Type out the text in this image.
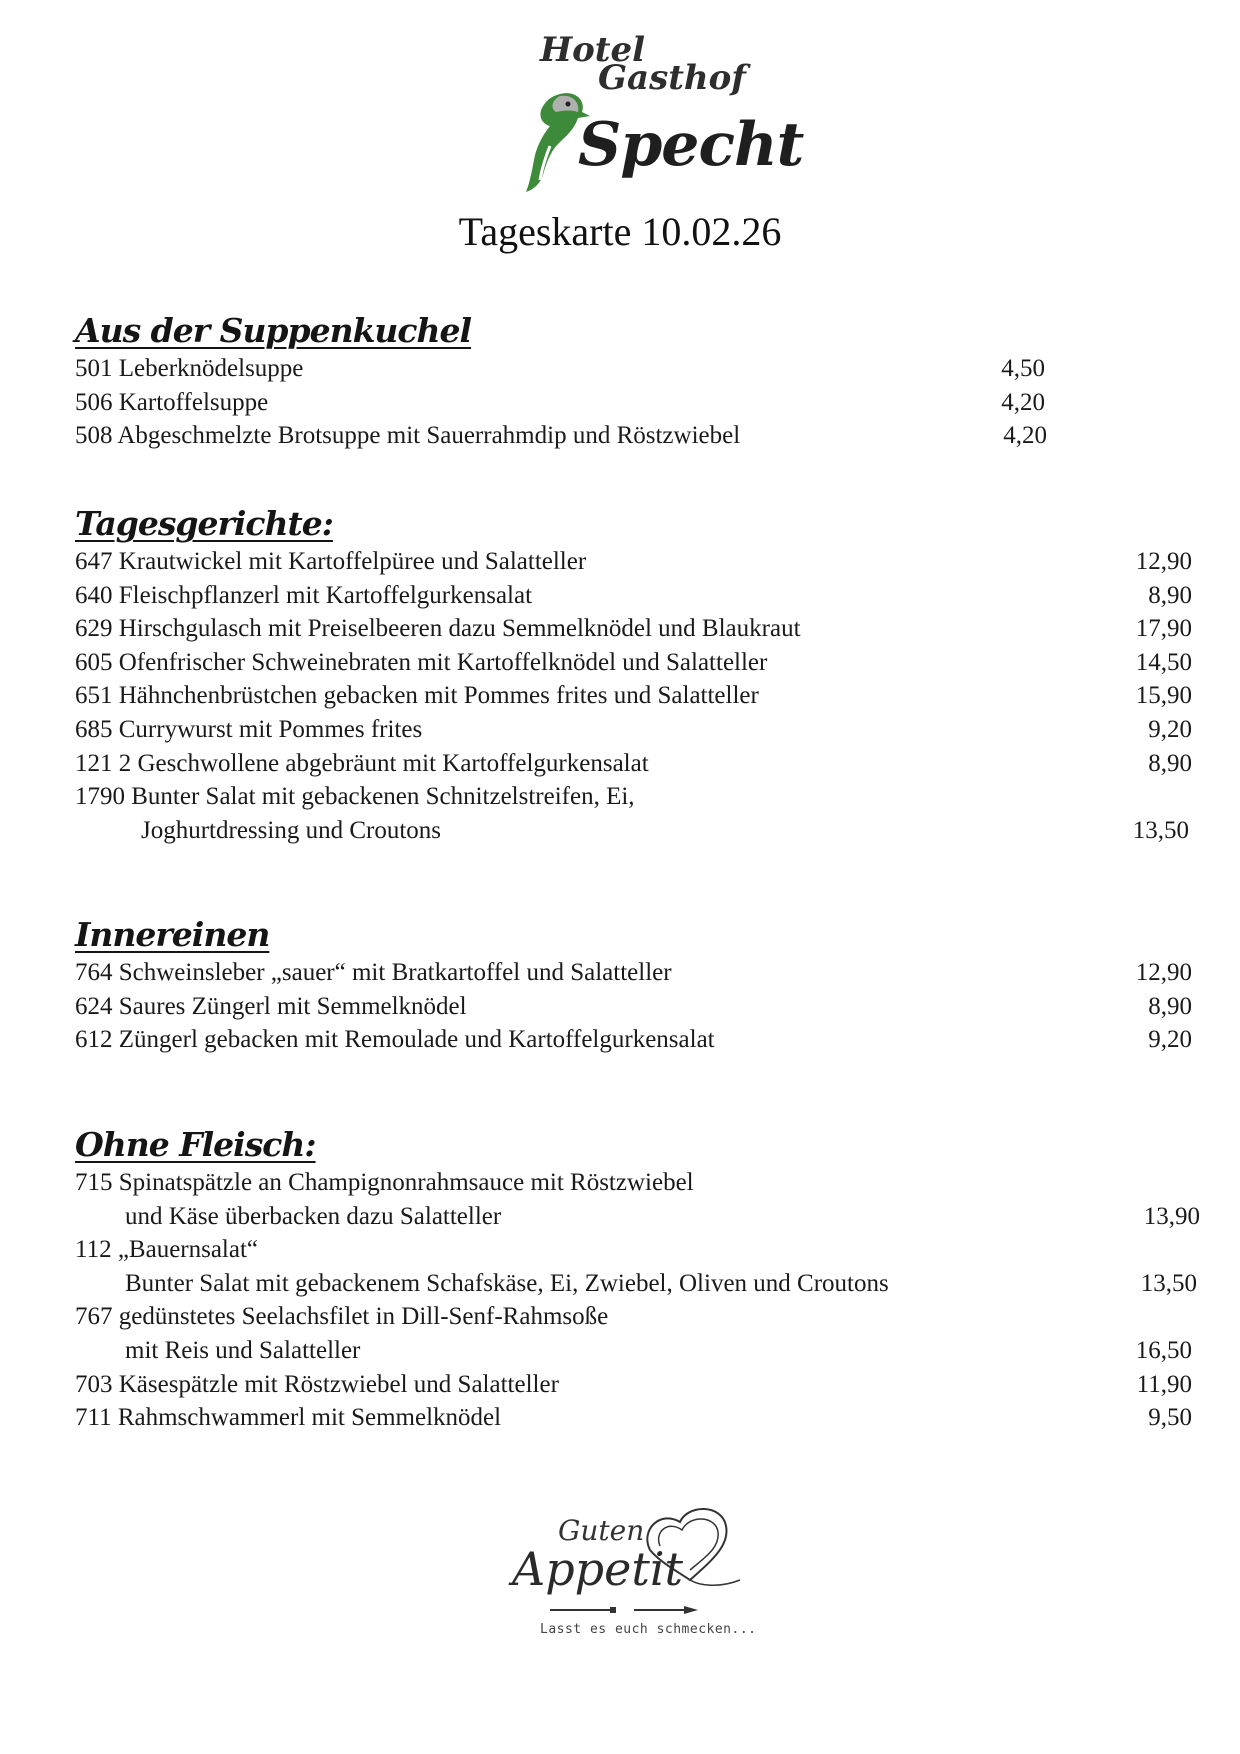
Hotel
Gasthof
Specht
Tageskarte 10.02.26
Aus der Suppenkuchel
501 Leberknödelsuppe	4,50
506 Kartoffelsuppe	4,20
508 Abgeschmelzte Brotsuppe mit Sauerrahmdip und Röstzwiebel	4,20
Tagesgerichte:
647 Krautwickel mit Kartoffelpüree und Salatteller	12,90
640 Fleischpflanzerl mit Kartoffelgurkensalat	8,90
629 Hirschgulasch mit Preiselbeeren dazu Semmelknödel und Blaukraut	17,90
605 Ofenfrischer Schweinebraten mit Kartoffelknödel und Salatteller	14,50
651 Hähnchenbrüstchen gebacken mit Pommes frites und Salatteller	15,90
685 Currywurst mit Pommes frites	9,20
121 2 Geschwollene abgebräunt mit Kartoffelgurkensalat	8,90
1790 Bunter Salat mit gebackenen Schnitzelstreifen, Ei,
Joghurtdressing und Croutons	13,50
Innereinen
764 Schweinsleber „sauer“ mit Bratkartoffel und Salatteller	12,90
624 Saures Züngerl mit Semmelknödel	8,90
612 Züngerl gebacken mit Remoulade und Kartoffelgurkensalat	9,20
Ohne Fleisch:
715 Spinatspätzle an Champignonrahmsauce mit Röstzwiebel
und Käse überbacken dazu Salatteller	13,90
112 „Bauernsalat“
Bunter Salat mit gebackenem Schafskäse, Ei, Zwiebel, Oliven und Croutons	13,50
767 gedünstetes Seelachsfilet in Dill-Senf-Rahmsoße
mit Reis und Salatteller	16,50
703 Käsespätzle mit Röstzwiebel und Salatteller	11,90
711 Rahmschwammerl mit Semmelknödel	9,50
Guten
Appetit
Lasst es euch schmecken...
